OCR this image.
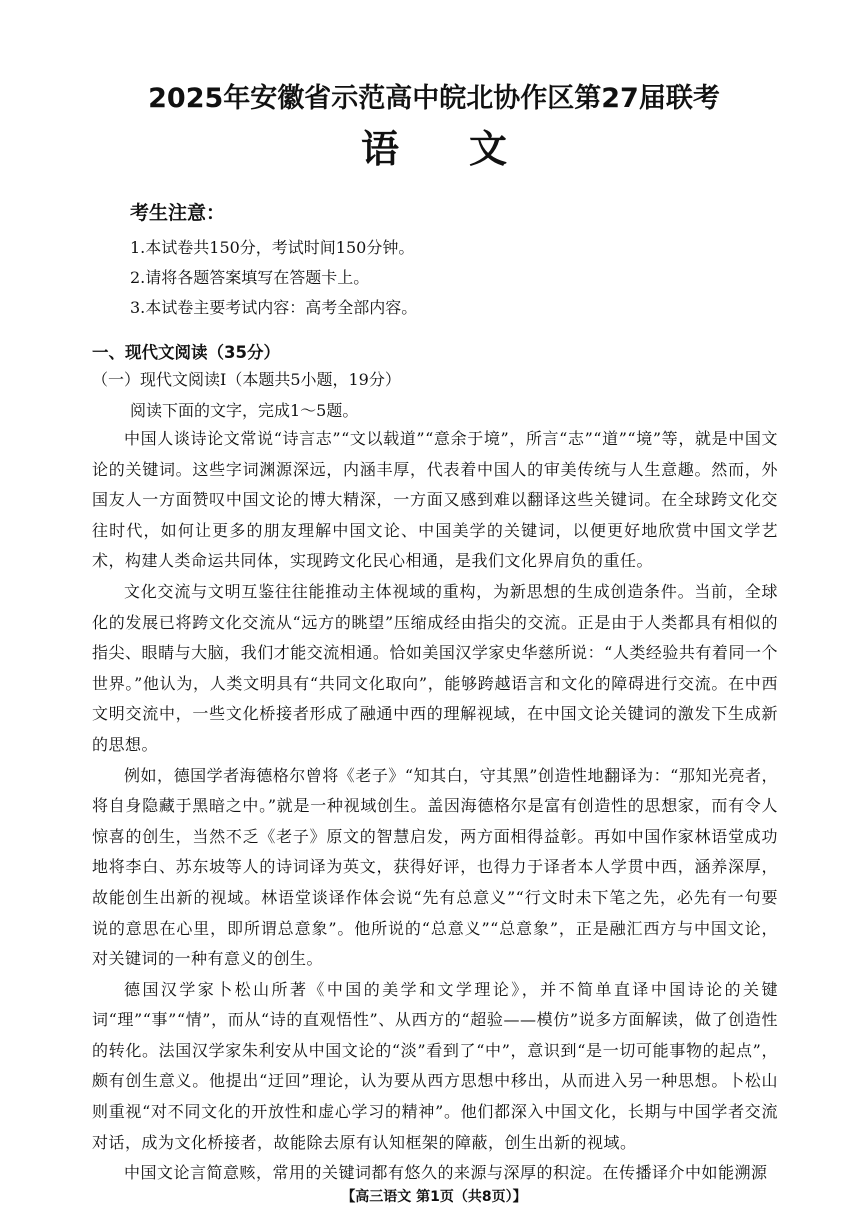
2025年安徽省示范高中皖北协作区第27届联考
语 文
考生注意：
1.本试卷共150分，考试时间150分钟。
2.请将各题答案填写在答题卡上。
3.本试卷主要考试内容：高考全部内容。
一、现代文阅读（35分）
（一）现代文阅读Ⅰ（本题共5小题，19分）
阅读下面的文字，完成1～5题。

中国人谈诗论文常说“诗言志”“文以载道”“意余于境”，所言“志”“道”“境”等，就是中国文论的关键词。这些字词渊源深远，内涵丰厚，代表着中国人的审美传统与人生意趣。然而，外国友人一方面赞叹中国文论的博大精深，一方面又感到难以翻译这些关键词。在全球跨文化交往时代，如何让更多的朋友理解中国文论、中国美学的关键词，以便更好地欣赏中国文学艺术，构建人类命运共同体，实现跨文化民心相通，是我们文化界肩负的重任。

文化交流与文明互鉴往往能推动主体视域的重构，为新思想的生成创造条件。当前，全球化的发展已将跨文化交流从“远方的眺望”压缩成经由指尖的交流。正是由于人类都具有相似的指尖、眼睛与大脑，我们才能交流相通。恰如美国汉学家史华慈所说：“人类经验共有着同一个世界。”他认为，人类文明具有“共同文化取向”，能够跨越语言和文化的障碍进行交流。在中西文明交流中，一些文化桥接者形成了融通中西的理解视域，在中国文论关键词的激发下生成新的思想。

例如，德国学者海德格尔曾将《老子》“知其白，守其黑”创造性地翻译为：“那知光亮者，将自身隐藏于黑暗之中。”就是一种视域创生。盖因海德格尔是富有创造性的思想家，而有令人惊喜的创生，当然不乏《老子》原文的智慧启发，两方面相得益彰。再如中国作家林语堂成功地将李白、苏东坡等人的诗词译为英文，获得好评，也得力于译者本人学贯中西，涵养深厚，故能创生出新的视域。林语堂谈译作体会说“先有总意义”“行文时未下笔之先，必先有一句要说的意思在心里，即所谓总意象”。他所说的“总意义”“总意象”，正是融汇西方与中国文论，对关键词的一种有意义的创生。

德国汉学家卜松山所著《中国的美学和文学理论》，并不简单直译中国诗论的关键词“理”“事”“情”，而从“诗的直观悟性”、从西方的“超验——模仿”说多方面解读，做了创造性的转化。法国汉学家朱利安从中国文论的“淡”看到了“中”，意识到“是一切可能事物的起点”，颇有创生意义。他提出“迂回”理论，认为要从西方思想中移出，从而进入另一种思想。卜松山则重视“对不同文化的开放性和虚心学习的精神”。他们都深入中国文化，长期与中国学者交流对话，成为文化桥接者，故能除去原有认知框架的障蔽，创生出新的视域。

中国文论言简意赅，常用的关键词都有悠久的来源与深厚的积淀。在传播译介中如能溯源

【高三语文 第1页（共8页）】
